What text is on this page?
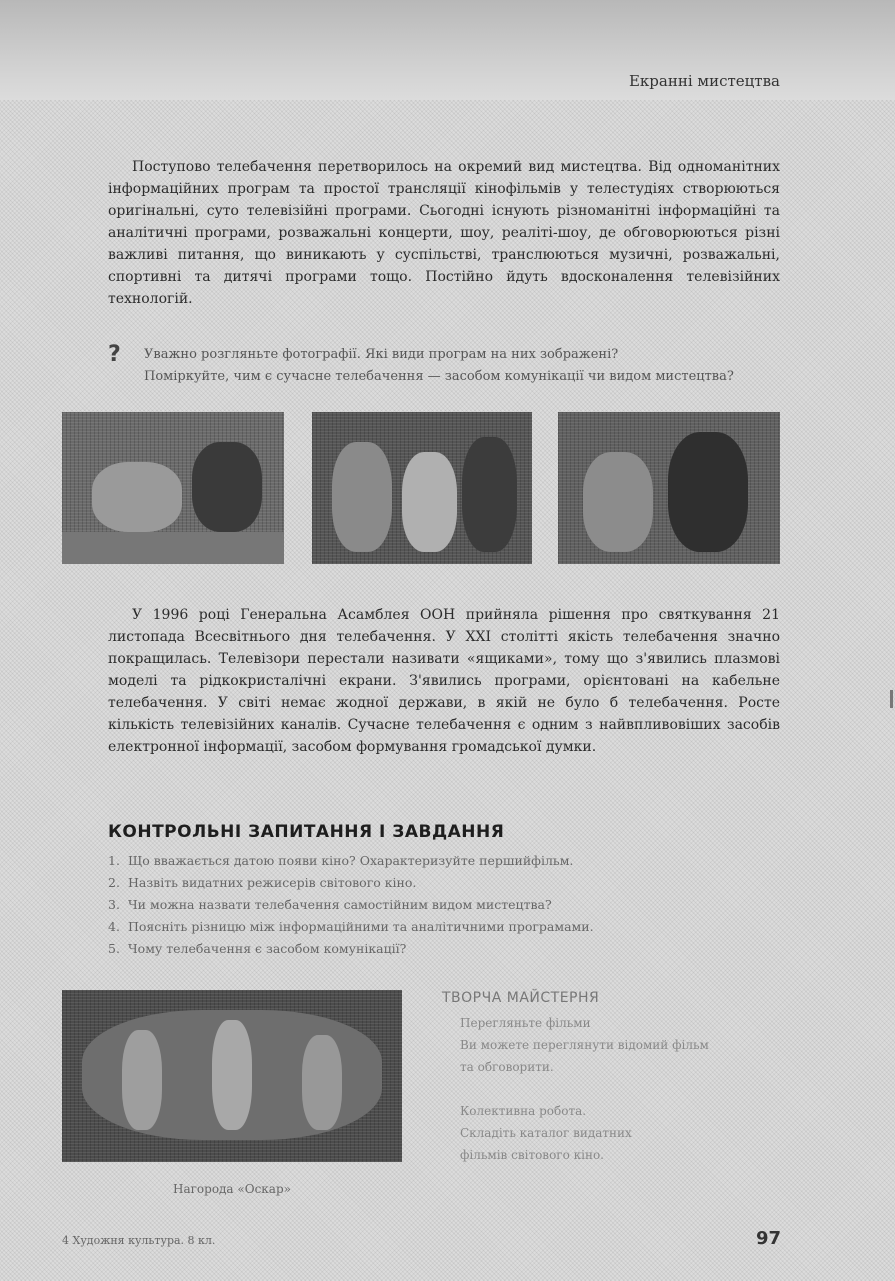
Екранні мистецтва

Поступово телебачення перетворилось на окремий вид мистецтва. Від одноманітних інформаційних програм та простої трансляції кінофільмів у телестудіях створюються оригінальні, суто телевізійні програми. Сьогодні існують різноманітні інформаційні та аналітичні програми, розважальні концерти, шоу, реаліті-шоу, де обговорюються різні важливі питання, що виникають у суспільстві, транслюються музичні, розважальні, спортивні та дитячі програми тощо. Постійно йдуть вдосконалення телевізійних технологій.

? Уважно розгляньте фотографії. Які види програм на них зображені?
Поміркуйте, чим є сучасне телебачення — засобом комунікації чи видом мистецтва?

У 1996 році Генеральна Асамблея ООН прийняла рішення про святкування 21 листопада Всесвітнього дня телебачення. У XXI столітті якість телебачення значно покращилась. Телевізори перестали називати «ящиками», тому що з'явились плазмові моделі та рідкокристалічні екрани. З'явились програми, орієнтовані на кабельне телебачення. У світі немає жодної держави, в якій не було б телебачення. Росте кількість телевізійних каналів. Сучасне телебачення є одним з найвпливовіших засобів електронної інформації, засобом формування громадської думки.

КОНТРОЛЬНІ ЗАПИТАННЯ І ЗАВДАННЯ
1. Що вважається датою появи кіно? Охарактеризуйте першийфільм.
2. Назвіть видатних режисерів світового кіно.
3. Чи можна назвати телебачення самостійним видом мистецтва?
4. Поясніть різницю між інформаційними та аналітичними програмами.
5. Чому телебачення є засобом комунікації?
Нагорода «Оскар»
ТВОРЧА МАЙСТЕРНЯ
Перегляньте фільми
Ви можете переглянути відомий фільм
та обговорити.
Колективна робота.
Складіть каталог видатних
фільмів світового кіно.
4 Художня культура. 8 кл.	97
